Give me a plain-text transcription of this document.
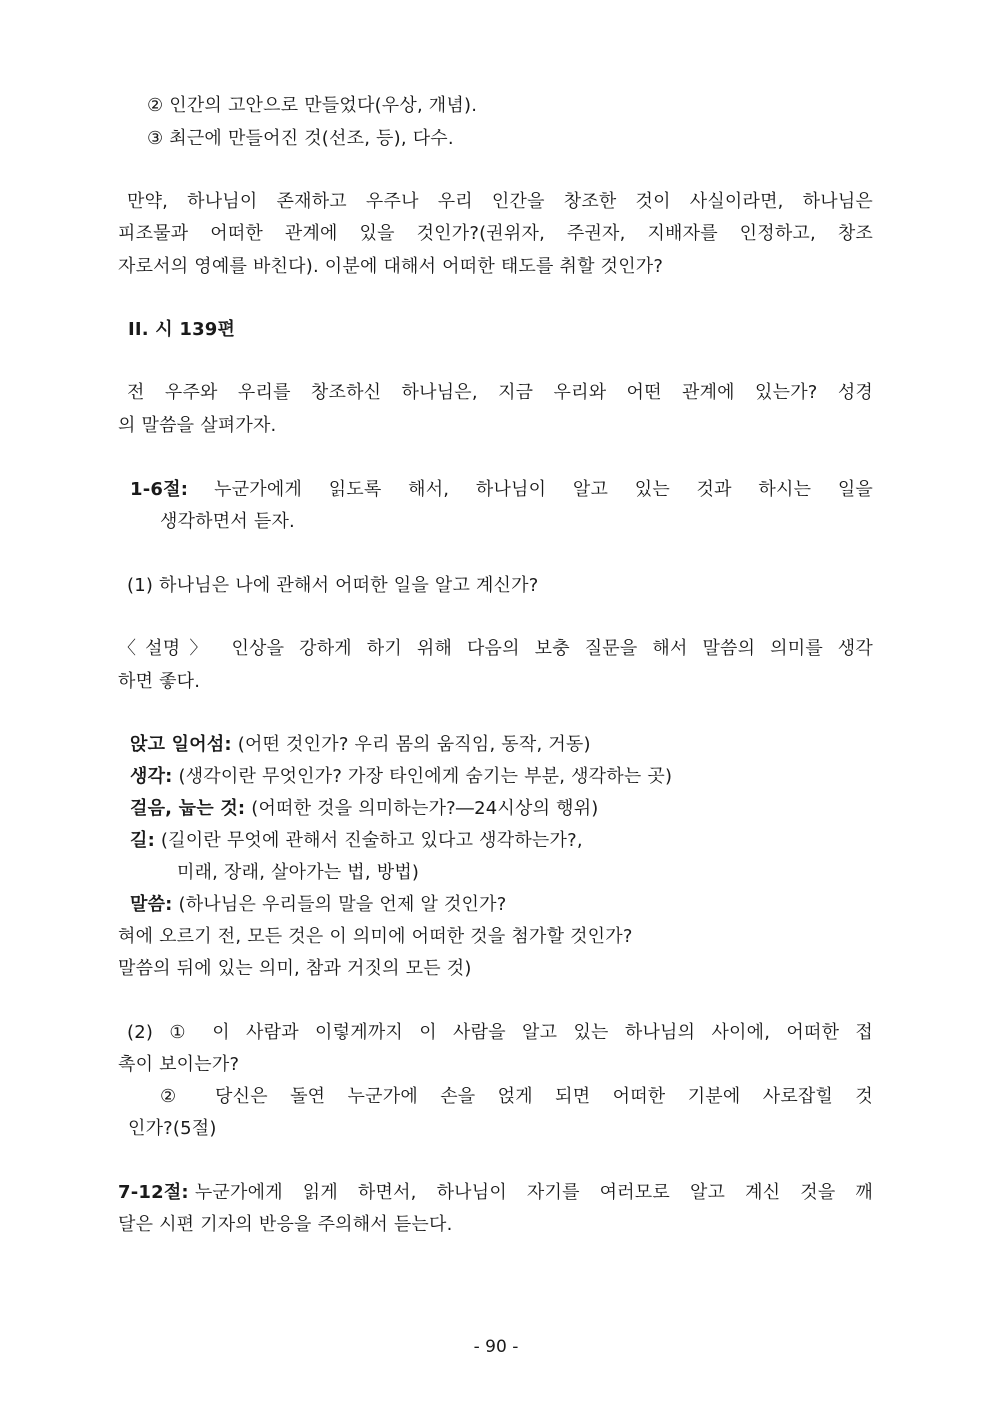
② 인간의 고안으로 만들었다(우상, 개념).
③ 최근에 만들어진 것(선조, 등), 다수.
만약, 하나님이 존재하고 우주나 우리 인간을 창조한 것이 사실이라면, 하나님은
피조물과 어떠한 관계에 있을 것인가?(권위자, 주권자, 지배자를 인정하고, 창조
자로서의 영예를 바친다). 이분에 대해서 어떠한 태도를 취할 것인가?
II. 시 139편
전 우주와 우리를 창조하신 하나님은, 지금 우리와 어떤 관계에 있는가? 성경
의 말씀을 살펴가자.
1-6절: 누군가에게 읽도록 해서, 하나님이 알고 있는 것과 하시는 일을
생각하면서 듣자.
(1) 하나님은 나에 관해서 어떠한 일을 알고 계신가?
〈설명〉 인상을 강하게 하기 위해 다음의 보충 질문을 해서 말씀의 의미를 생각
하면 좋다.
앉고 일어섬: (어떤 것인가? 우리 몸의 움직임, 동작, 거동)
생각: (생각이란 무엇인가? 가장 타인에게 숨기는 부분, 생각하는 곳)
걸음, 눕는 것: (어떠한 것을 의미하는가?―24시상의 행위)
길: (길이란 무엇에 관해서 진술하고 있다고 생각하는가?,
미래, 장래, 살아가는 법, 방법)
말씀: (하나님은 우리들의 말을 언제 알 것인가?
혀에 오르기 전, 모든 것은 이 의미에 어떠한 것을 첨가할 것인가?
말씀의 뒤에 있는 의미, 참과 거짓의 모든 것)
(2) ① 이 사람과 이렇게까지 이 사람을 알고 있는 하나님의 사이에, 어떠한 접
촉이 보이는가?
② 당신은 돌연 누군가에 손을 얹게 되면 어떠한 기분에 사로잡힐 것
인가?(5절)
7-12절: 누군가에게 읽게 하면서, 하나님이 자기를 여러모로 알고 계신 것을 깨
달은 시편 기자의 반응을 주의해서 듣는다.
- 90 -
